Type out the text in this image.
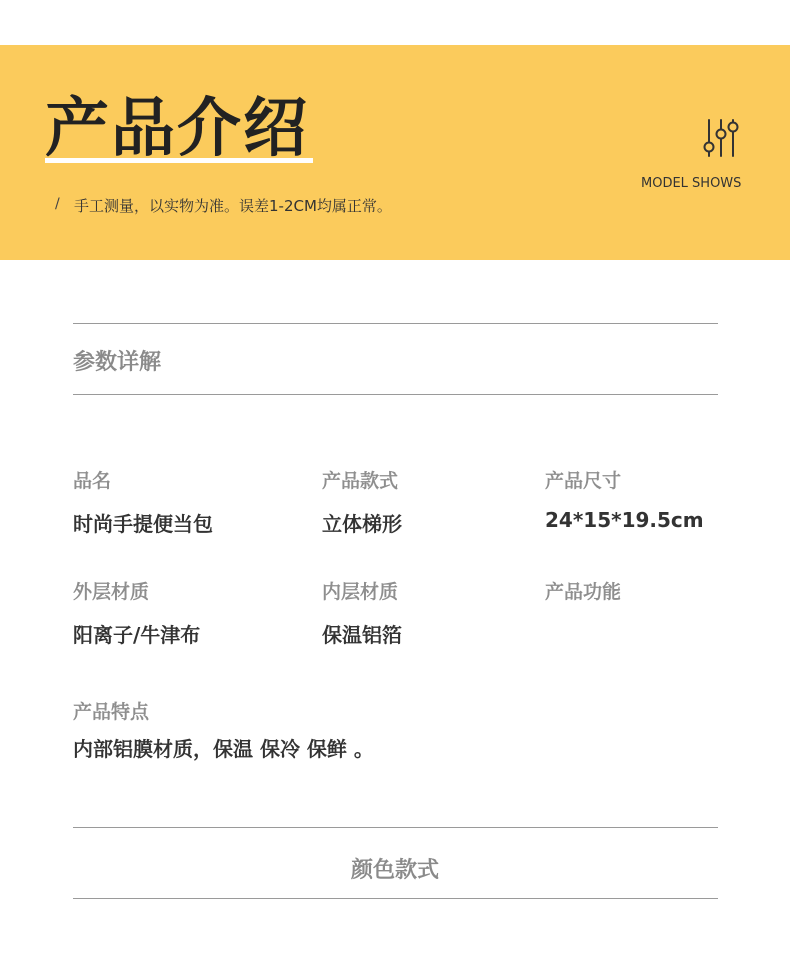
产品介绍
/ 手工测量，以实物为准。误差1-2CM均属正常。
MODEL SHOWS
参数详解
品名
时尚手提便当包
产品款式
立体梯形
产品尺寸
24*15*19.5cm
外层材质
阳离子/牛津布
内层材质
保温铝箔
产品功能
产品特点
内部铝膜材质，保温 保冷 保鲜 。
颜色款式
